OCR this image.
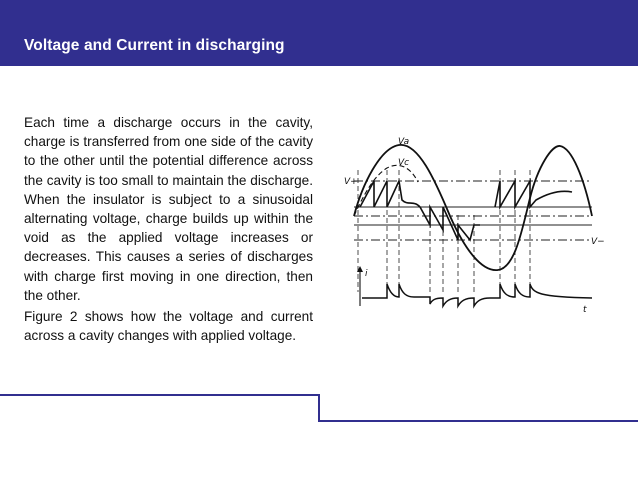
Voltage and Current in discharging

Each time a discharge occurs in the cavity, charge is transferred from one side of the cavity to the other until the potential difference across the cavity is too small to maintain the discharge. When the insulator is subject to a sinusoidal alternating voltage, charge builds up within the void as the applied voltage increases or decreases. This causes a series of discharges with charge first moving in one direction, then the other.

Figure 2 shows how the voltage and current across a cavity changes with applied voltage.

Va
Vc
V+
V−
i
t
